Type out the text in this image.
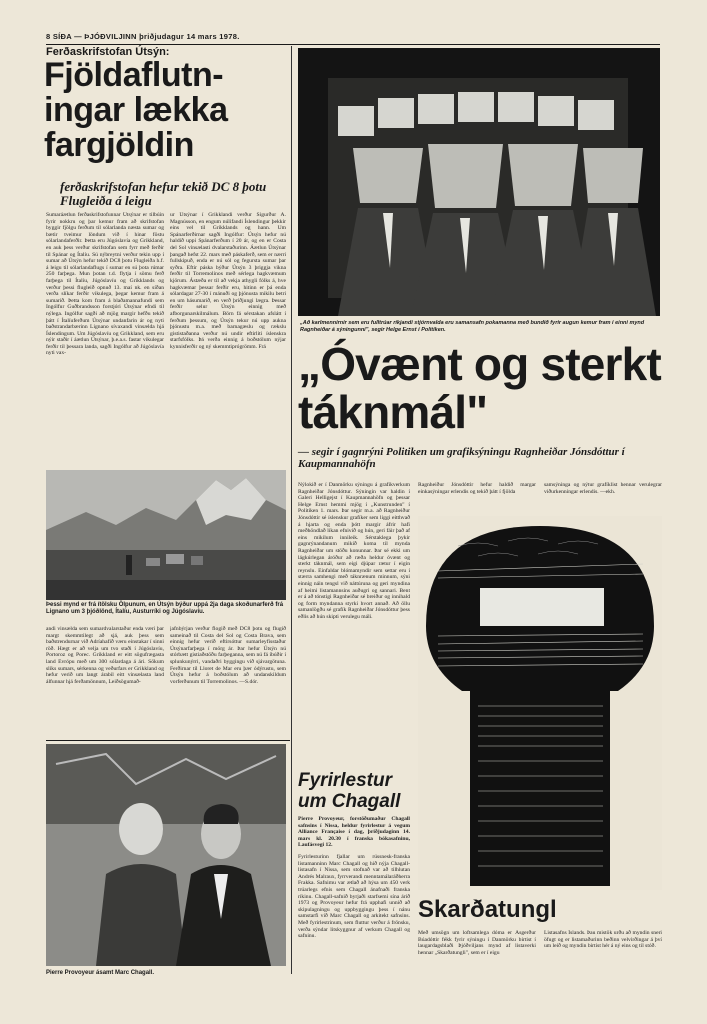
8 SÍÐA — ÞJÓÐVILJINN þriðjudagur 14 mars 1978.
Ferðaskrifstofan Útsýn:
Fjöldaflutn-ingar lækka fargjöldin
ferðaskrifstofan hefur tekið DC 8 þotu Flugleiða á leigu
Sumaráætlun ferðaskrifstofunnar Útsýnar er tilbúin fyrir nokkru og þar kemur fram að skrifstofan byggir fjölgu ferðum til sólarlanda næsta sumar og bætir tveimur löndum við í hinar föstu sólarlandaferðir. Þetta eru Júgóslavía og Grikkland, en auk þess verður skrifstofan sem fyrr með ferðir til Spánar og Ítalíu. Sú nýbreytni verður tekin upp í sumar að Útsýn hefur tekið DC8 þotu Flugleiða h.f. á leigu til sólarlandaflugs í sumar en sú þota rúmar 250 farþega. Mun þotan t.d. flytja í sömu ferð farþega til Ítalíu, Júgóslavíu og Grikklands og verður þessi flugleið opnuð 13. maí nk. en síðan verða slíkar ferðir vikulega, þegar kemur fram á sumarið. Þetta kom fram á blaðamannafundi sem Ingólfur Guðbrandsson forstjóri Útsýnar efndi til nýlega. Ingólfur sagði að mjög margir hefðu tekið þátt í Ítalíuferðum Útsýnar undanfarin ár og nyti baðstrandarbærinn Lignano sívaxandi vinsælda hjá Íslendingum. Um Júgóslavíu og Grikkland, sem eru nýir staðir í áætlun Útsýnar, þ.e.a.s. fastar vikulegar ferðir til þessara landa, sagði Ingólfur að Júgóslavía nyti vax-
ur Útsýnar í Grikklandi verður Sigurður A. Magnússon, en engum núlifandi Íslendingur þekkir eins vel til Grikklands og hann. Um Spánarferðirnar sagði Ingólfur: Útsýn hefur nú haldið uppi Spánarferðum í 20 ár, og en er Costa del Sol vinsælasti dvalarstaðurinn. Áætlun Útsýnar þangað hefst 22. mars með páskaferð, sem er nærri fullskipuð, enda er nú sól og fegursta sumar þar syðra. Eftir páska býður Útsýn 3 þriggja vikna ferðir til Torremolinos með sérlega hagkvæmum kjörum. Ástæða er til að vekja athygli fólks á, hve hagkvæmar þessar ferðir eru, hitinn er þá enda sólardagar 27-30 í mánuði og þjónusta mikilu betri en um hásumarið, en verð þriðjungi lægra. Þessar ferðir selur Útsýn einnig með afborgunarskilmálum. Börn fá sérstakan afslátt í ferðum þessum, og Útsýn tekur nú upp aukna þjónustu m.a. með barnagæslu og rækslu gististaðanna verður nú undir eftirliti íslenskra starfsfólks. Þá verða einnig á boðstólum nýjar kynnisferðir og ný skemmtiprógrömm. Frá
Þessi mynd er frá ítölsku Ölpunum, en Útsýn býður uppá 2ja daga skoðunarferð frá Lignano um 3 þjóðlönd, Ítalíu, Austurríki og Júgóslavíu.
andi vinsælda sem sumardvalarstaður enda væri þar margt skemmtilegt að sjá, auk þess sem baðstrendurnar við Adríahafið væru einstakar í sinni röð. Hægt er að velja um tvo staði í Júgóslavíu, Portoroz og Porec. Grikkland er eitt sögufrægasta land Evrópu með um 300 sólardaga á ári. Sökum slíks sumars, sérkenna og veðurfars er Grikkland og hefur verið um langt árabil eitt vinsælasta land álfunnar hjá ferðamönnum, Leiðsögumað-
jafnbýrjan verður flogið með DC8 þotu og flugið sameinað til Costa del Sol og Costa Brava, sem einnig hefur verið eftirsóttur sumarleyfisstaður Útsýnarfarþega í mörg ár. Þar hefur Útsýn nú stórbætt gistiaðstöðu farþeganna, sem nú fá íbúðir í splunkunýrri, vandaðri byggingu við sjávargötuna. Ferðirnar til Lloret de Mar eru þær ódýrustu, sem Útsýn hefur á boðstólum að undanskildum vorferðunum til Torremolinos. —S.dór.
Pierre Provoyeur ásamt Marc Chagall.
„Að karlmennirnir sem eru fulltrúar ríkjandi stjórnvalda eru samansafn pokamanna með bundið fyrir augun kemur fram í einni mynd Ragnheiðar á sýningunni", segir Helge Ernst í Politiken.
„Óvænt og sterkt táknmál"
— segir í gagnrýni Politiken um grafiksýningu Ragnheiðar Jónsdóttur í Kaupmannahöfn
Nýlokið er í Danmörku sýningu á grafikverkum Ragnheiðar Jónsdóttur. Sýningin var haldin í Galeri Helligejst í Kaupmannahöfn og þessar Helge Ernst hemmi mjög í „Kunstrunden" í Politiken 1. mars. Þar segir m.a. að Ragnheiður Jónsdóttir sé íslenskur grafíker sem liggi eitthvað á hjarta og enda þótt margir áfrir hafi meðhöndlað líkan efnivið og hún, geri fáir það af eins mikilum innileik. Sérstaklega þykir gagnrýnandanum mikið koma til mynda Ragnheiðar um stöðu konunnar. Þar sé ekki um lágkúrlegan áróður að ræða heldur óvænt og sterkt táknmál, sem eigi djúpar rætur í eigin reynslu. Einfaldar blómamyndir sem settar eru í stærra samhengi með táknrænum minnum, sýni einnig náin tengsl við náttúruna og geri myndina af heimi listamannsins auðugri og sannari. Bent er á að tónstigi Ragnheiðar sé breiður og innihald og form myndanna styrki hvort annað. Að öllu samanlögðu sé grafík Ragnheiðar Jónsdóttur þess eðlis að hún skipti verulegu máli.
Ragnheiður Jónsdóttir hefur haldið margar einkasýningar erlendis og tekið þátt í fjölda
samsýninga og nýtur grafíklist hennar verulegrar viðurkenningar erlendis. —ekh.
Fyrirlestur um Chagall
Pierre Provoyeur, forstöðumaður Chagall safnsins í Nissa, heldur fyrirlestur á vegum Alliance Française í dag, þriðjudaginn 14. mars kl. 20.30 í franska bókasafninu, Laufásvegi 12.
Fyrirlesturinn fjallar um rússnesk-franska listamanninn Marc Chagall og hið nýja Chagall-listasafn í Nissa, sem stofnað var að tilhlutan Andrés Malraux, fyrrverandi menntamálaráðherra Frakka. Safnimu var ætlað að hýsa um 450 verk trúarlegs efnis sem Chagall ánafnaði franska ríkinu. Chagall-safnið byrjaði starfsemi sína árið 1973 og Provoyeur hefur frá upphafi unnið að skipulagningu og uppbyggingu þess í nánu samstarfi við Marc Chagall og arkitekt safnsins. Með fyrirlestrinum, sem fluttur verður á frönsku, verða sýndar litskyggnur af verkum Chagall og safninu.
Skarðatungl
Með umsögn um loftsamlega dóma er Ásgerður Búadóttir fékk fyrir sýningu í Danmörku birtist í laugardagsblaði Þjóðviljans mynd af listaverki hennar „Skarðatungli", sem er í eigu
Listasafns Íslands. Þau mistök urðu að myndin sneri öfugt og er listamaðurinn beðinn velvirðingar á því um leið og myndin birtist hér á ný eins og til stóð.
